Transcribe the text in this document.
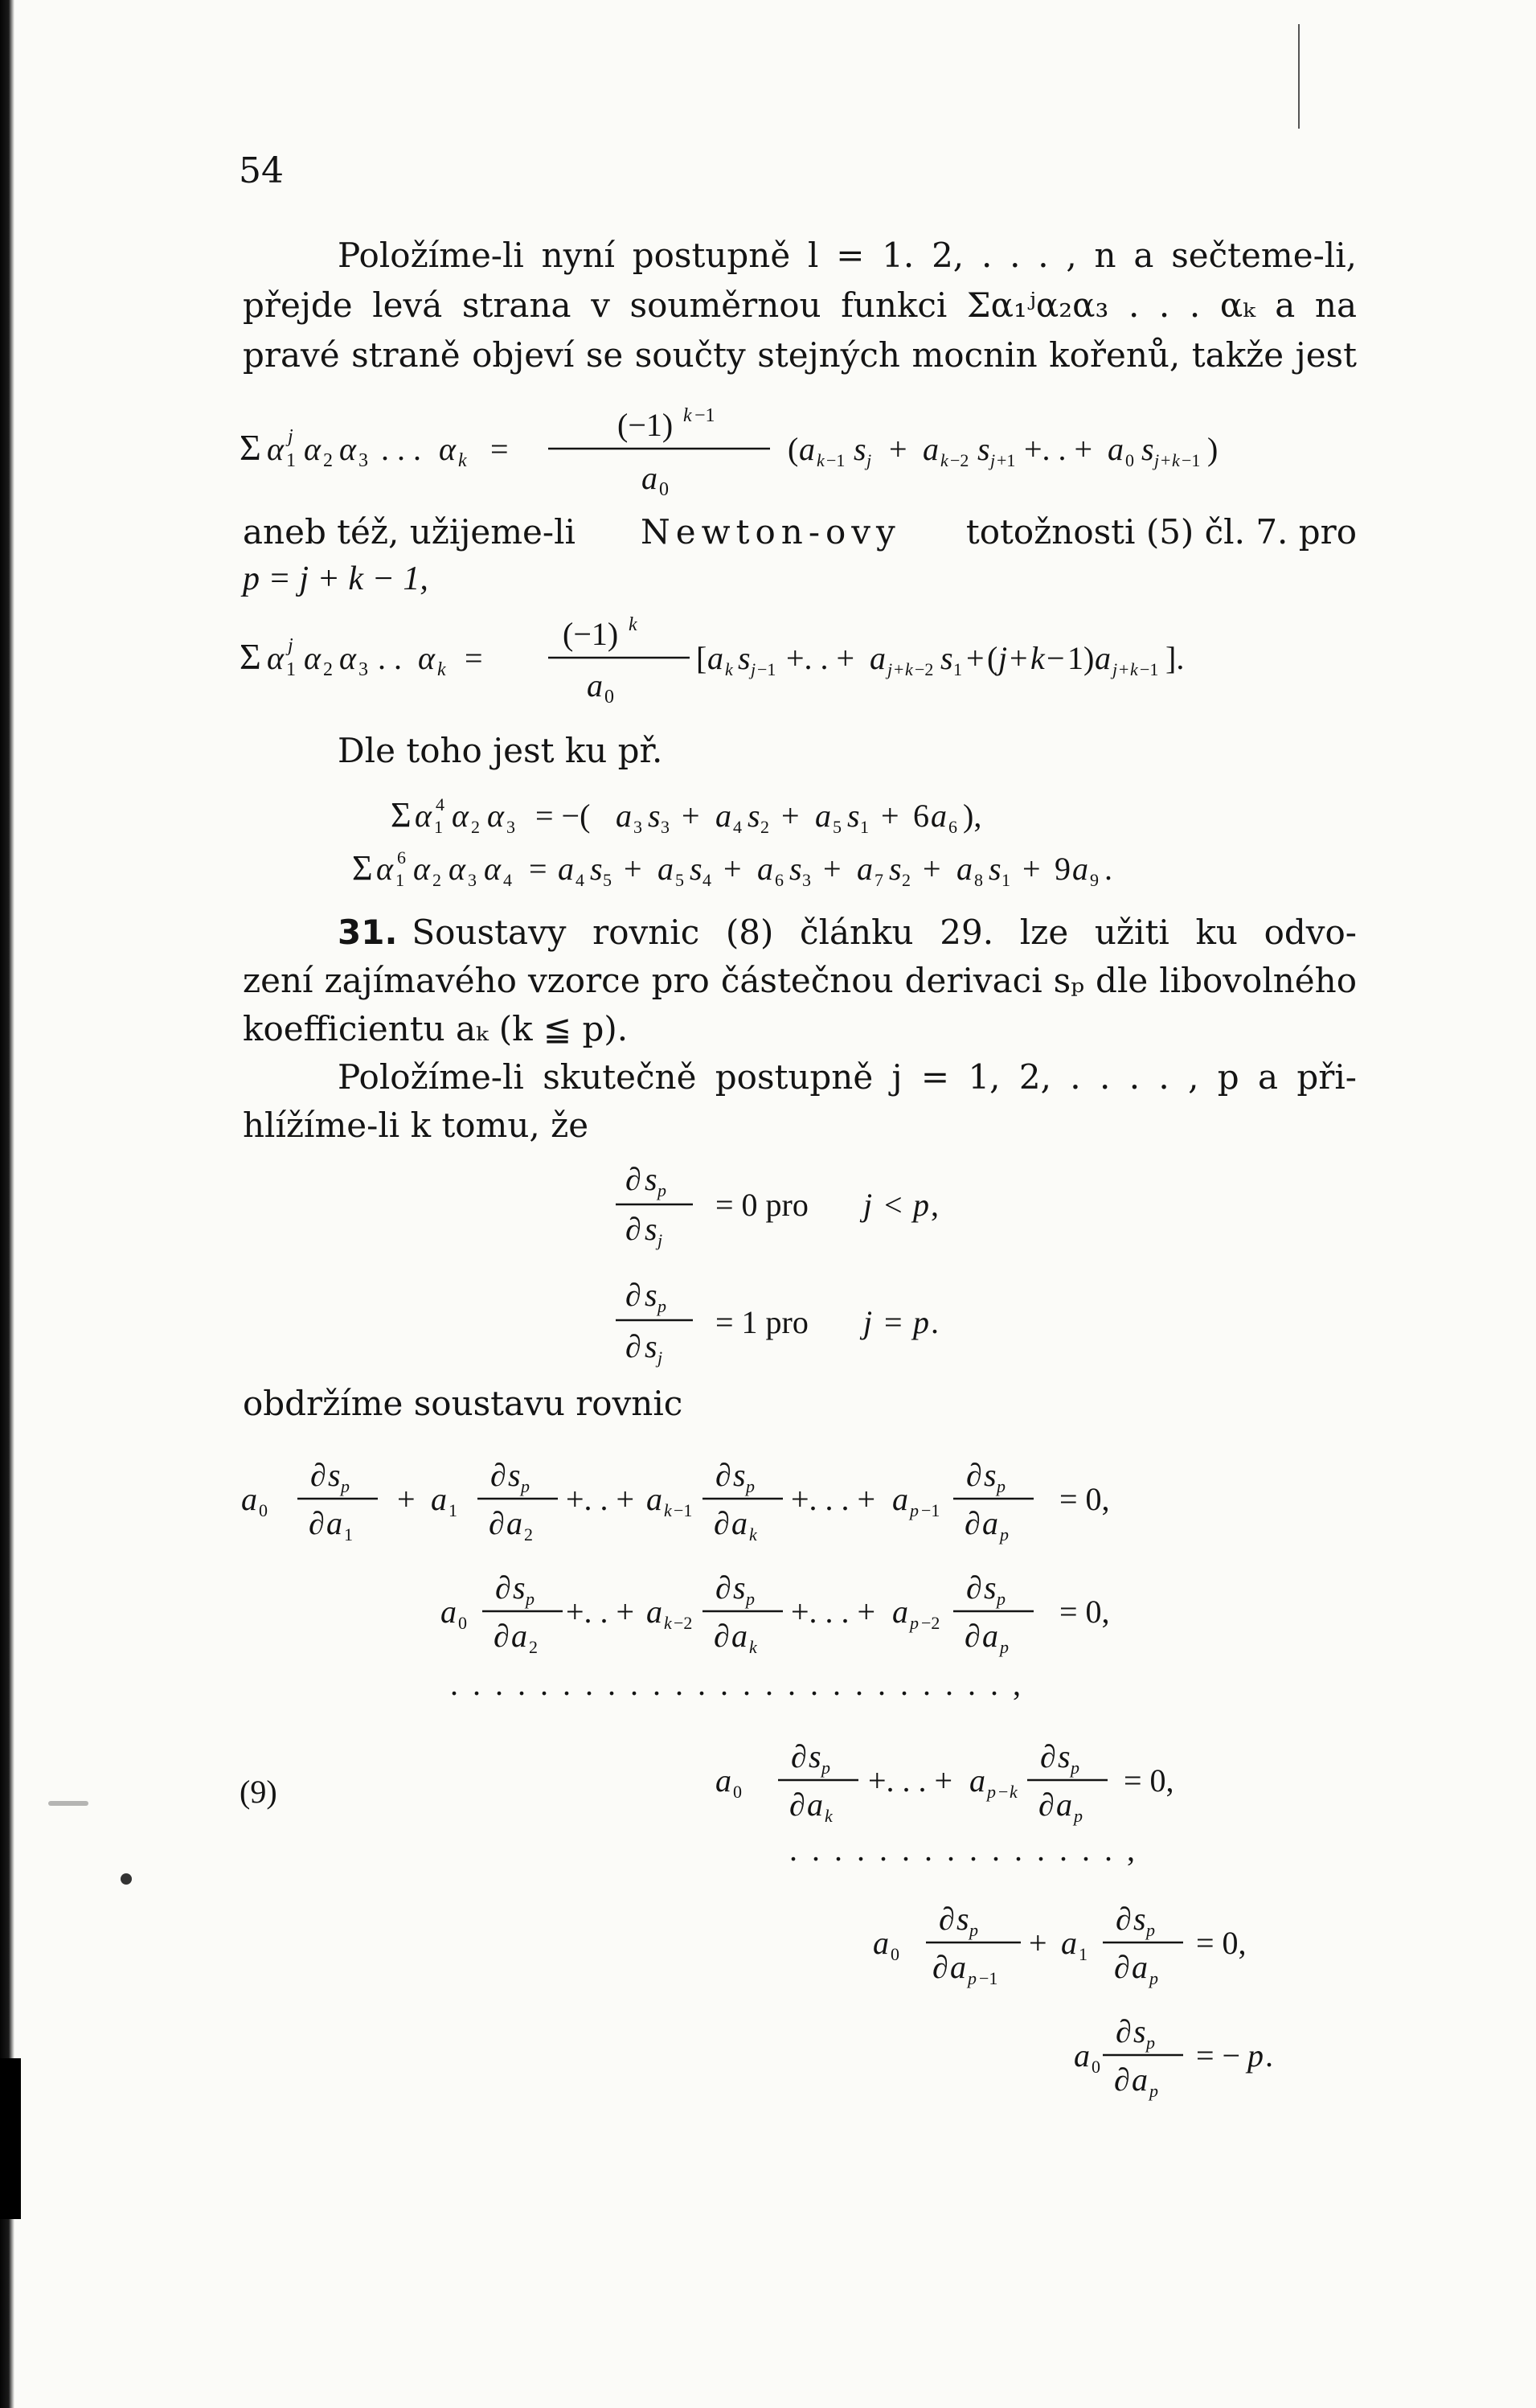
54
Položíme-li nyní postupně l = 1. 2, . . . , n a sečteme-li,
přejde levá strana v souměrnou funkci Σα₁ʲα₂α₃ . . . αₖ a na
pravé straně objeví se součty stejných mocnin kořenů, takže jest
Σ α 1
j α 2 α 3 . . . α k =
(−1) k −1
a 0
( a k −1 s j + a k −2 s j +1 +. . + a 0 s j + k −1 )
aneb též, užijeme-li Newton-ovy totožnosti (5) čl. 7. pro
p = j + k − 1,
Σ α 1
j α 2 α 3 . . α k =
(−1) k
a 0
[ a k s j −1 +. . + a j + k −2 s 1 + ( j + k − 1) a j + k −1 ].
Dle toho jest ku př.
Σ α 1
4 α 2 α 3 = −( a 3 s 3 + a 4 s 2 + a 5 s 1 + 6 a 6 ),
Σ α 1
6 α 2 α 3 α 4 = a 4 s 5 + a 5 s 4 + a 6 s 3 + a 7 s 2 + a 8 s 1 + 9 a 9 .
31. Soustavy rovnic (8) článku 29. lze užiti ku odvo-
zení zajímavého vzorce pro částečnou derivaci sₚ dle libovolného
koefficientu aₖ (k ≦ p).
Položíme-li skutečně postupně j = 1, 2, . . . . , p a při-
hlížíme-li k tomu, že
∂ s p
∂ s j
= 0 pro j < p ,
∂ s p
∂ s j
= 1 pro j = p .
obdržíme soustavu rovnic
a 0
∂ s p
∂ a 1
+ a 1
∂ s p
∂ a 2
+. . + a k −1
∂ s p
∂ a k
+. . . + a p −1
∂ s p
∂ a p
= 0,
a 0
∂ s p
∂ a 2
+. . + a k −2
∂ s p
∂ a k
+. . . + a p −2
∂ s p
∂ a p
= 0,
. . . . . . . . . . . . . . . . . . . . . . . . . ,
(9)	a 0
∂ s p
∂ a k
+. . . + a p − k
∂ s p
∂ a p
= 0,
. . . . . . . . . . . . . . . ,
a 0
∂ s p
∂ a p −1
+ a 1
∂ s p
∂ a p
= 0,
a 0
∂ s p
∂ a p
= − p .
